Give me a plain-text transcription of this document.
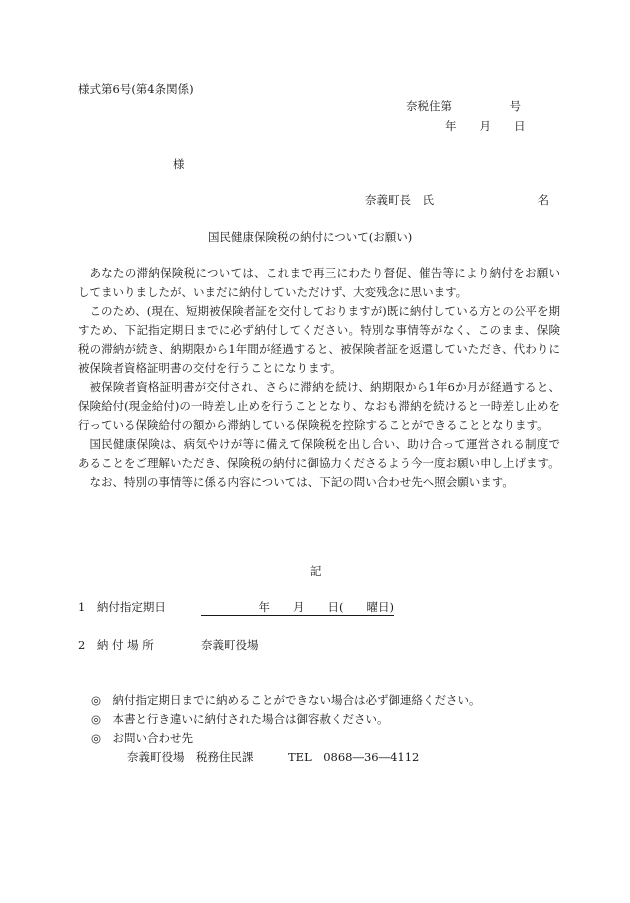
様式第6号(第4条関係)
奈税住第　　　　　号
年　　月　　日
様
奈義町長　氏　　　　　　　　　名
国民健康保険税の納付について(お願い)

あなたの滞納保険税については、これまで再三にわたり督促、催告等により納付をお願いしてまいりましたが、いまだに納付していただけず、大変残念に思います。

このため、(現在、短期被保険者証を交付しておりますが)既に納付している方との公平を期すため、下記指定期日までに必ず納付してください。特別な事情等がなく、このまま、保険税の滞納が続き、納期限から1年間が経過すると、被保険者証を返還していただき、代わりに被保険者資格証明書の交付を行うことになります。

被保険者資格証明書が交付され、さらに滞納を続け、納期限から1年6か月が経過すると、保険給付(現金給付)の一時差し止めを行うこととなり、なおも滞納を続けると一時差し止めを行っている保険給付の額から滞納している保険税を控除することができることとなります。

国民健康保険は、病気やけが等に備えて保険税を出し合い、助け合って運営される制度であることをご理解いただき、保険税の納付に御協力くださるよう今一度お願い申し上げます。

なお、特別の事情等に係る内容については、下記の問い合わせ先へ照会願います。

記
1　納付指定期日	　　　　　年　　月　　日(　　曜日)
2　納 付 場 所	奈義町役場
◎　納付指定期日までに納めることができない場合は必ず御連絡ください。
◎　本書と行き違いに納付された場合は御容赦ください。
◎　お問い合わせ先
奈義町役場　税務住民課　　　TEL　0868―36―4112
